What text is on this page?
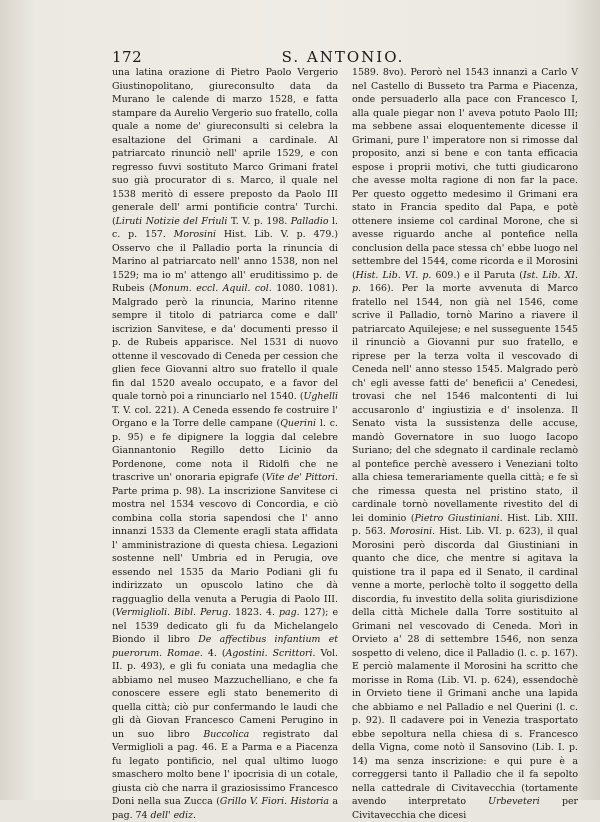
172	S. ANTONIO.

una latina orazione di Pietro Paolo Vergerio Giustinopolitano, giureconsulto data da Murano le calende di marzo 1528, e fatta stampare da Aurelio Vergerio suo fratello, colla quale a nome de' giureconsulti si celebra la esaltazione del Grimani a cardinale. Al patriarcato rinunciò nell' aprile 1529, e con regresso fuvvi sostituto Marco Grimani fratel suo già procurator di s. Marco, il quale nel 1538 meritò di essere preposto da Paolo III generale dell' armi pontificie contra' Turchi. (Liruti Notizie del Friuli T. V. p. 198. Palladio l. c. p. 157. Morosini Hist. Lib. V. p. 479.) Osservo che il Palladio porta la rinuncia di Marino al patriarcato nell' anno 1538, non nel 1529; ma io m' attengo all' eruditissimo p. de Rubeis (Monum. eccl. Aquil. col. 1080. 1081). Malgrado però la rinuncia, Marino ritenne sempre il titolo di patriarca come e dall' iscrizion Sanvitese, e da' documenti presso il p. de Rubeis apparisce. Nel 1531 di nuovo ottenne il vescovado di Ceneda per cession che glien fece Giovanni altro suo fratello il quale fin dal 1520 avealo occupato, e a favor del quale tornò poi a rinunciarlo nel 1540. (Ughelli T. V. col. 221). A Ceneda essendo fe costruire l' Organo e la Torre delle campane (Querini l. c. p. 95) e fe dipignere la loggia dal celebre Giannantonio Regillo detto Licinio da Pordenone, come nota il Ridolfi che ne trascrive un' onoraria epigrafe (Vite de' Pittori. Parte prima p. 98). La inscrizione Sanvitese ci mostra nel 1534 vescovo di Concordia, e ciò combina colla storia sapendosi che l' anno innanzi 1533 da Clemente eragli stata affidata l' amministrazione di questa chiesa. Legazioni sostenne nell' Umbria ed in Perugia, ove essendo nel 1535 da Mario Podiani gli fu indirizzato un opuscolo latino che dà ragguaglio della venuta a Perugia di Paolo III. (Vermiglioli. Bibl. Perug. 1823. 4. pag. 127); e nel 1539 dedicato gli fu da Michelangelo Biondo il libro De affectibus infantium et puerorum. Romae. 4. (Agostini. Scrittori. Vol. II. p. 493), e gli fu coniata una medaglia che abbiamo nel museo Mazzuchelliano, e che fa conoscere essere egli stato benemerito di quella città; ciò pur confermando le laudi che gli dà Giovan Francesco Cameni Perugino in un suo libro Buccolica registrato dal Vermiglioli a pag. 46. E a Parma e a Piacenza fu legato pontificio, nel qual ultimo luogo smaschero molto bene l' ipocrisia di un cotale, giusta ciò che narra il graziosissimo Francesco Doni nella sua Zucca (Grillo V. Fiori. Historia a pag. 74 dell' ediz.

1589. 8vo). Perorò nel 1543 innanzi a Carlo V nel Castello di Busseto tra Parma e Piacenza, onde persuaderlo alla pace con Francesco I, alla quale piegar non l' aveva potuto Paolo III; ma sebbene assai eloquentemente dicesse il Grimani, pure l' imperatore non si rimosse dal proposito, anzi si bene e con tanta efficacia espose i proprii motivi, che tutti giudicarono che avesse molta ragione di non far la pace. Per questo oggetto medesimo il Grimani era stato in Francia spedito dal Papa, e potè ottenere insieme col cardinal Morone, che si avesse riguardo anche al pontefice nella conclusion della pace stessa ch' ebbe luogo nel settembre del 1544, come ricorda e il Morosini (Hist. Lib. VI. p. 609.) e il Paruta (Ist. Lib. XI. p. 166). Per la morte avvenuta di Marco fratello nel 1544, non già nel 1546, come scrive il Palladio, tornò Marino a riavere il patriarcato Aquilejese; e nel susseguente 1545 il rinunciò a Giovanni pur suo fratello, e riprese per la terza volta il vescovado di Ceneda nell' anno stesso 1545. Malgrado però ch' egli avesse fatti de' beneficii a' Cenedesi, trovasi che nel 1546 malcontenti di lui accusaronlo d' ingiustizia e d' insolenza. Il Senato vista la sussistenza delle accuse, mandò Governatore in suo luogo Iacopo Suriano; del che sdegnato il cardinale reclamò al pontefice perchè avessero i Veneziani tolto alla chiesa temerariamente quella città; e fe sì che rimessa questa nel pristino stato, il cardinale tornò novellamente rivestito del di lei dominio (Pietro Giustiniani. Hist. Lib. XIII. p. 563. Morosini. Hist. Lib. VI. p. 623), il qual Morosini però discorda dal Giustiniani in quanto che dice, che mentre si agitava la quistione tra il papa ed il Senato, il cardinal venne a morte, perlochè tolto il soggetto della discordia, fu investito della solita giurisdizione della città Michele dalla Torre sostituito al Grimani nel vescovado di Ceneda. Morì in Orvieto a' 28 di settembre 1546, non senza sospetto di veleno, dice il Palladio (l. c. p. 167). E perciò malamente il Morosini ha scritto che morisse in Roma (Lib. VI. p. 624), essendochè in Orvieto tiene il Grimani anche una lapida che abbiamo e nel Palladio e nel Querini (l. c. p. 92). Il cadavere poi in Venezia trasportato ebbe sepoltura nella chiesa di s. Francesco della Vigna, come notò il Sansovino (Lib. I. p. 14) ma senza inscrizione: e qui pure è a correggersi tanto il Palladio che il fa sepolto nella cattedrale di Civitavecchia (tortamente avendo interpretato Urbeveteri per Civitavecchia che dicesi
